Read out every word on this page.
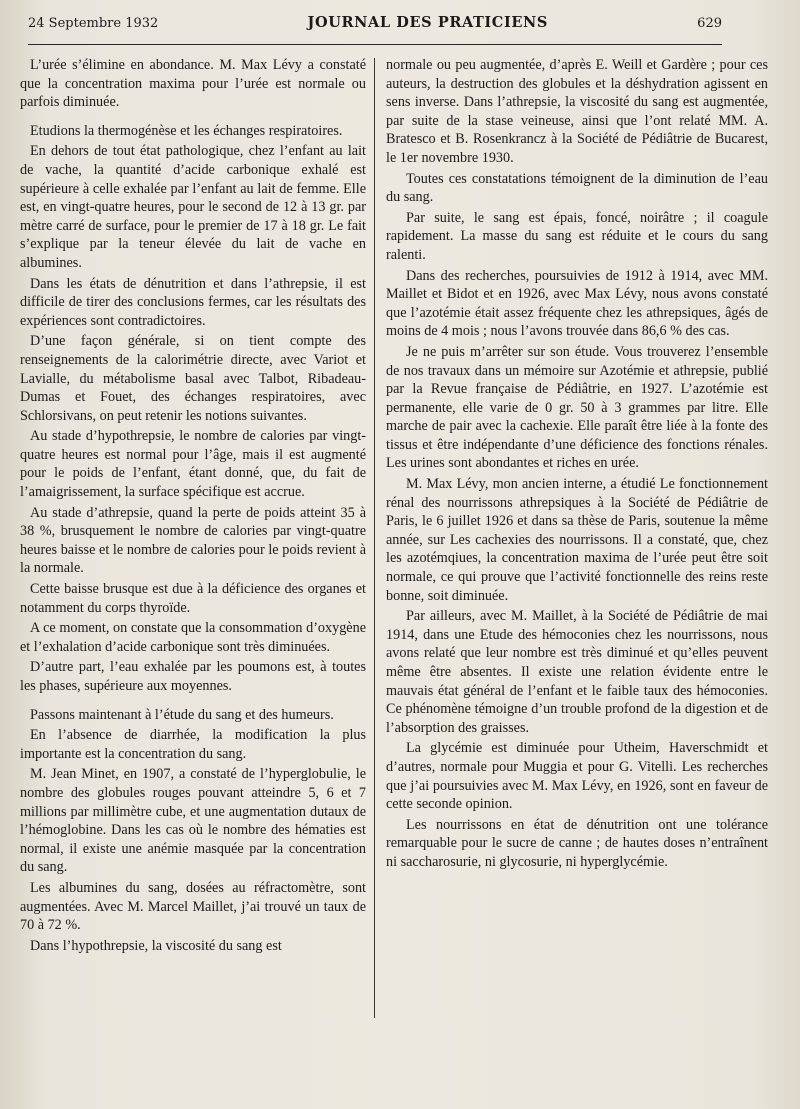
24 Septembre 1932	JOURNAL DES PRATICIENS	629

L’urée s’élimine en abondance. M. Max Lévy a constaté que la concentration maxima pour l’urée est normale ou parfois diminuée.

Etudions la thermogénèse et les échanges respiratoires.

En dehors de tout état pathologique, chez l’enfant au lait de vache, la quantité d’acide carbonique exhalé est supérieure à celle exhalée par l’enfant au lait de femme. Elle est, en vingt-quatre heures, pour le second de 12 à 13 gr. par mètre carré de surface, pour le premier de 17 à 18 gr. Le fait s’explique par la teneur élevée du lait de vache en albumines.

Dans les états de dénutrition et dans l’athrepsie, il est difficile de tirer des conclusions fermes, car les résultats des expériences sont contradictoires.

D’une façon générale, si on tient compte des renseignements de la calorimétrie directe, avec Variot et Lavialle, du métabolisme basal avec Talbot, Ribadeau-Dumas et Fouet, des échanges respiratoires, avec Schlorsivans, on peut retenir les notions suivantes.

Au stade d’hypothrepsie, le nombre de calories par vingt-quatre heures est normal pour l’âge, mais il est augmenté pour le poids de l’enfant, étant donné, que, du fait de l’amaigrissement, la surface spécifique est accrue.

Au stade d’athrepsie, quand la perte de poids atteint 35 à 38 %, brusquement le nombre de calories par vingt-quatre heures baisse et le nombre de calories pour le poids revient à la normale.

Cette baisse brusque est due à la déficience des organes et notamment du corps thyroïde.

A ce moment, on constate que la consommation d’oxygène et l’exhalation d’acide carbonique sont très diminuées.

D’autre part, l’eau exhalée par les poumons est, à toutes les phases, supérieure aux moyennes.

Passons maintenant à l’étude du sang et des humeurs.

En l’absence de diarrhée, la modification la plus importante est la concentration du sang.

M. Jean Minet, en 1907, a constaté de l’hyperglobulie, le nombre des globules rouges pouvant atteindre 5, 6 et 7 millions par millimètre cube, et une augmentation dutaux de l’hémoglobine. Dans les cas où le nombre des hématies est normal, il existe une anémie masquée par la concentration du sang.

Les albumines du sang, dosées au réfractomètre, sont augmentées. Avec M. Marcel Maillet, j’ai trouvé un taux de 70 à 72 %.

Dans l’hypothrepsie, la viscosité du sang est

normale ou peu augmentée, d’après E. Weill et Gardère ; pour ces auteurs, la destruction des globules et la déshydration agissent en sens inverse. Dans l’athrepsie, la viscosité du sang est augmentée, par suite de la stase veineuse, ainsi que l’ont relaté MM. A. Bratesco et B. Rosenkrancz à la Société de Pédiâtrie de Bucarest, le 1er novembre 1930.

Toutes ces constatations témoignent de la diminution de l’eau du sang.

Par suite, le sang est épais, foncé, noirâtre ; il coagule rapidement. La masse du sang est réduite et le cours du sang ralenti.

Dans des recherches, poursuivies de 1912 à 1914, avec MM. Maillet et Bidot et en 1926, avec Max Lévy, nous avons constaté que l’azotémie était assez fréquente chez les athrepsiques, âgés de moins de 4 mois ; nous l’avons trouvée dans 86,6 % des cas.

Je ne puis m’arrêter sur son étude. Vous trouverez l’ensemble de nos travaux dans un mémoire sur Azotémie et athrepsie, publié par la Revue française de Pédiâtrie, en 1927. L’azotémie est permanente, elle varie de 0 gr. 50 à 3 grammes par litre. Elle marche de pair avec la cachexie. Elle paraît être liée à la fonte des tissus et être indépendante d’une déficience des fonctions rénales. Les urines sont abondantes et riches en urée.

M. Max Lévy, mon ancien interne, a étudié Le fonctionnement rénal des nourrissons athrepsiques à la Société de Pédiâtrie de Paris, le 6 juillet 1926 et dans sa thèse de Paris, soutenue la même année, sur Les cachexies des nourrissons. Il a constaté, que, chez les azotémqiues, la concentration maxima de l’urée peut être soit normale, ce qui prouve que l’activité fonctionnelle des reins reste bonne, soit diminuée.

Par ailleurs, avec M. Maillet, à la Société de Pédiâtrie de mai 1914, dans une Etude des hémoconies chez les nourrissons, nous avons relaté que leur nombre est très diminué et qu’elles peuvent même être absentes. Il existe une relation évidente entre le mauvais état général de l’enfant et le faible taux des hémoconies. Ce phénomène témoigne d’un trouble profond de la digestion et de l’absorption des graisses.

La glycémie est diminuée pour Utheim, Haverschmidt et d’autres, normale pour Muggia et pour G. Vitelli. Les recherches que j’ai poursuivies avec M. Max Lévy, en 1926, sont en faveur de cette seconde opinion.

Les nourrissons en état de dénutrition ont une tolérance remarquable pour le sucre de canne ; de hautes doses n’entraînent ni saccharosurie, ni glycosurie, ni hyperglycémie.
